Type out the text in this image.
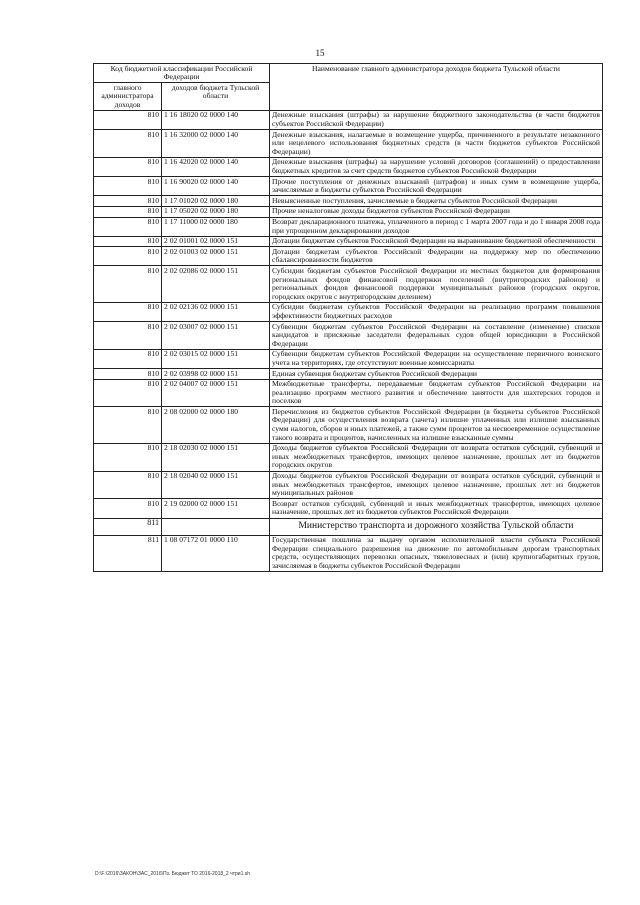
15
Код бюджетной классификации Российской Федерации		Наименование главного администратора доходов бюджета Тульской области
главного администратора доходов	доходов бюджета Тульской области	
810	1 16 18020 02 0000 140	Денежные взыскания (штрафы) за нарушение бюджетного законодательства (в части бюджетов субъектов Российской Федерации)
810	1 16 32000 02 0000 140	Денежные взыскания, налагаемые в возмещение ущерба, причиненного в результате незаконного или нецелевого использования бюджетных средств (в части бюджетов субъектов Российской Федерации)
810	1 16 42020 02 0000 140	Денежные взыскания (штрафы) за нарушение условий договоров (соглашений) о предоставлении бюджетных кредитов за счет средств бюджетов субъектов Российской Федерации
810	1 16 90020 02 0000 140	Прочие поступления от денежных взысканий (штрафов) и иных сумм в возмещение ущерба, зачисляемые в бюджеты субъектов Российской Федерации
810	1 17 01020 02 0000 180	Невыясненные поступления, зачисляемые в бюджеты субъектов Российской Федерации
810	1 17 05020 02 0000 180	Прочие неналоговые доходы бюджетов субъектов Российской Федерации
810	1 17 11000 02 0000 180	Возврат декларационного платежа, уплаченного в период с 1 марта 2007 года и до 1 января 2008 года при упрощенном декларировании доходов
810	2 02 01001 02 0000 151	Дотации бюджетам субъектов Российской Федерации на выравнивание бюджетной обеспеченности
810	2 02 01003 02 0000 151	Дотации бюджетам субъектов Российской Федерации на поддержку мер по обеспечению сбалансированности бюджетов
810	2 02 02086 02 0000 151	Субсидии бюджетам субъектов Российской Федерации из местных бюджетов для формирования региональных фондов финансовой поддержки поселений (внутригородских районов) и региональных фондов финансовой поддержки муниципальных районов (городских округов, городских округов с внутригородским делением)
810	2 02 02136 02 0000 151	Субсидии бюджетам субъектов Российской Федерации на реализацию программ повышения эффективности бюджетных расходов
810	2 02 03007 02 0000 151	Субвенции бюджетам субъектов Российской Федерации на составление (изменение) списков кандидатов в присяжные заседатели федеральных судов общей юрисдикции в Российской Федерации
810	2 02 03015 02 0000 151	Субвенции бюджетам субъектов Российской Федерации на осуществление первичного воинского учета на территориях, где отсутствуют военные комиссариаты
810	2 02 03998 02 0000 151	Единая субвенция бюджетам субъектов Российской Федерации
810	2 02 04007 02 0000 151	Межбюджетные трансферты, передаваемые бюджетам субъектов Российской Федерации на реализацию программ местного развития и обеспечение занятости для шахтерских городов и поселков
810	2 08 02000 02 0000 180	Перечисления из бюджетов субъектов Российской Федерации (в бюджеты субъектов Российской Федерации) для осуществления возврата (зачета) излишне уплаченных или излишне взысканных сумм налогов, сборов и иных платежей, а также сумм процентов за несвоевременное осуществление такого возврата и процентов, начисленных на излишне взысканные суммы
810	2 18 02030 02 0000 151	Доходы бюджетов субъектов Российской Федерации от возврата остатков субсидий, субвенций и иных межбюджетных трансфертов, имеющих целевое назначение, прошлых лет из бюджетов городских округов
810	2 18 02040 02 0000 151	Доходы бюджетов субъектов Российской Федерации от возврата остатков субсидий, субвенций и иных межбюджетных трансфертов, имеющих целевое назначение, прошлых лет из бюджетов муниципальных районов
810	2 19 02000 02 0000 151	Возврат остатков субсидий, субвенций и иных межбюджетных трансфертов, имеющих целевое назначение, прошлых лет из бюджетов субъектов Российской Федерации
811		Министерство транспорта и дорожного хозяйства Тульской области
811	1 08 07172 01 0000 110	Государственная пошлина за выдачу органом исполнительной власти субъекта Российской Федерации специального разрешения на движение по автомобильным дорогам транспортных средств, осуществляющих перевозки опасных, тяжеловесных и (или) крупногабаритных грузов, зачисляемая в бюджеты субъектов Российской Федерации
D:\F:\2016\ЗАКОН\ЗАС_2016\Пз. Бюджет ТО 2016-2018_2 чтри1.sh
